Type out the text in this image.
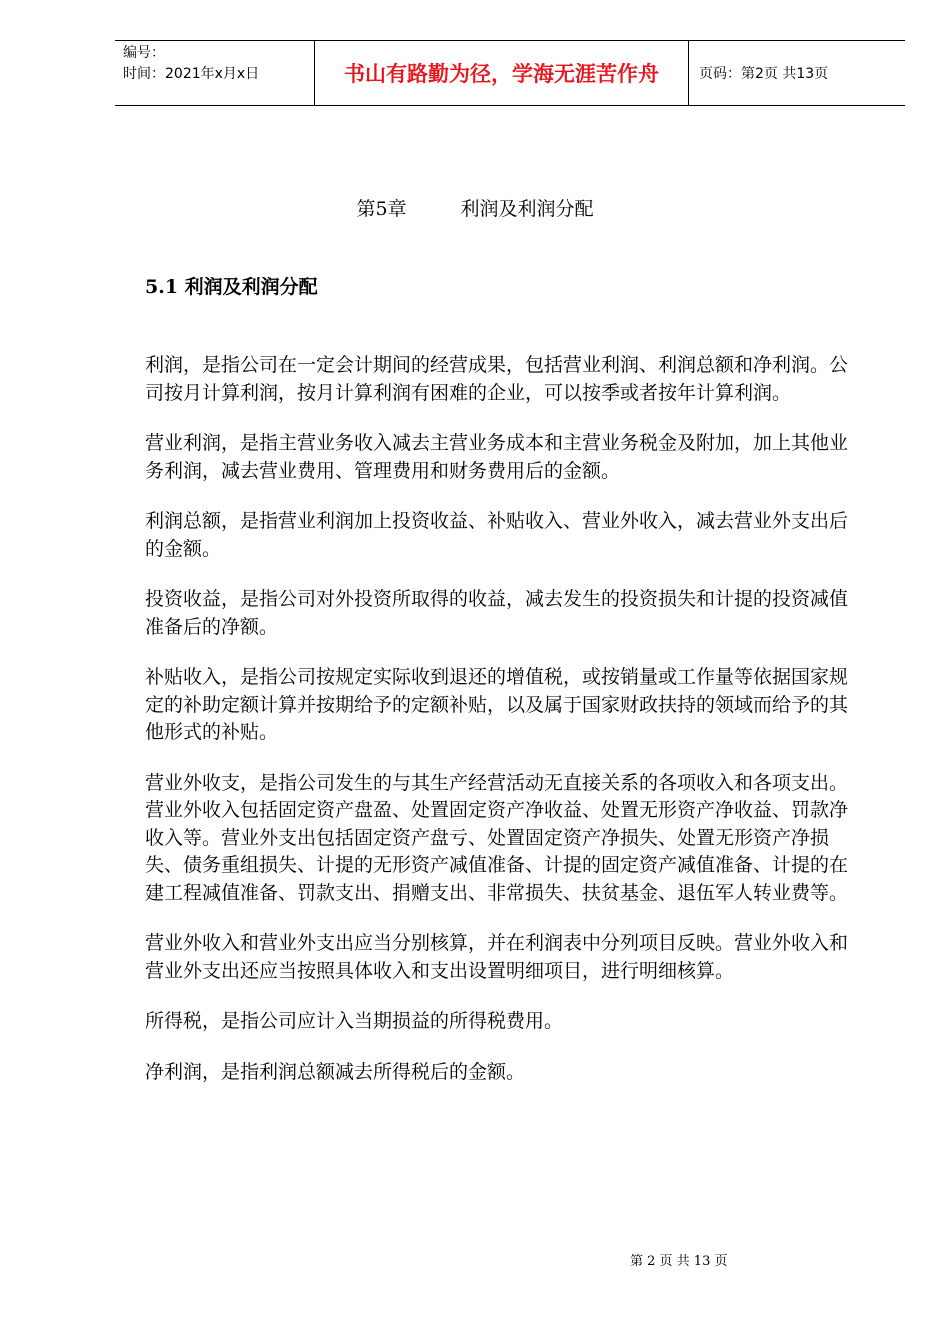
编号：
时间：2021年x月x日	书山有路勤为径，学海无涯苦作舟	页码：第2页 共13页
第5章	利润及利润分配
5.1 利润及利润分配

利润，是指公司在一定会计期间的经营成果，包括营业利润、利润总额和净利润。公司按月计算利润，按月计算利润有困难的企业，可以按季或者按年计算利润。

营业利润，是指主营业务收入减去主营业务成本和主营业务税金及附加，加上其他业务利润，减去营业费用、管理费用和财务费用后的金额。

利润总额，是指营业利润加上投资收益、补贴收入、营业外收入，减去营业外支出后的金额。

投资收益，是指公司对外投资所取得的收益，减去发生的投资损失和计提的投资减值准备后的净额。

补贴收入，是指公司按规定实际收到退还的增值税，或按销量或工作量等依据国家规定的补助定额计算并按期给予的定额补贴，以及属于国家财政扶持的领域而给予的其他形式的补贴。

营业外收支，是指公司发生的与其生产经营活动无直接关系的各项收入和各项支出。营业外收入包括固定资产盘盈、处置固定资产净收益、处置无形资产净收益、罚款净收入等。营业外支出包括固定资产盘亏、处置固定资产净损失、处置无形资产净损失、债务重组损失、计提的无形资产减值准备、计提的固定资产减值准备、计提的在建工程减值准备、罚款支出、捐赠支出、非常损失、扶贫基金、退伍军人转业费等。

营业外收入和营业外支出应当分别核算，并在利润表中分列项目反映。营业外收入和营业外支出还应当按照具体收入和支出设置明细项目，进行明细核算。

所得税，是指公司应计入当期损益的所得税费用。

净利润，是指利润总额减去所得税后的金额。

第 2 页 共 13 页
